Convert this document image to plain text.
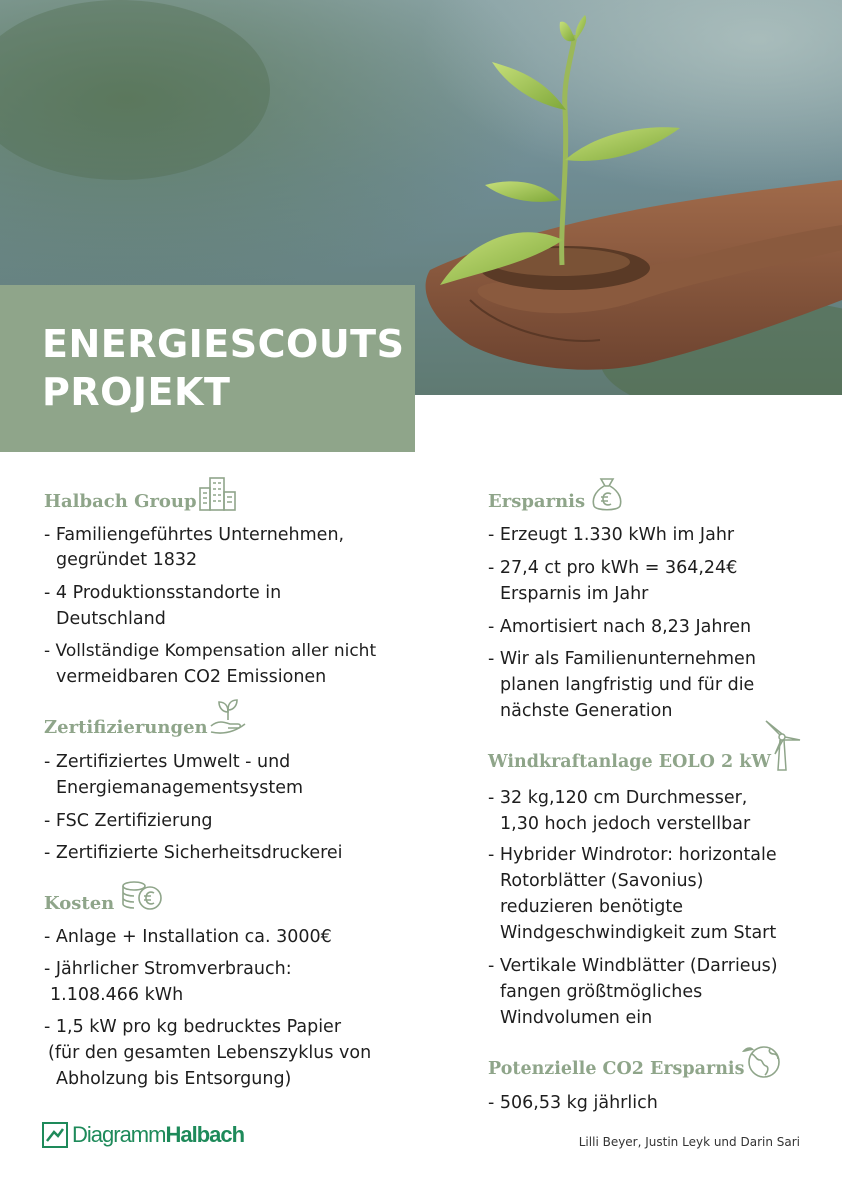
ENERGIESCOUTS
PROJEKT
Halbach Group
- Familiengeführtes Unternehmen,
gegründet 1832
- 4 Produktionsstandorte in
Deutschland
- Vollständige Kompensation aller nicht
vermeidbaren CO2 Emissionen
Zertifizierungen
- Zertifiziertes Umwelt - und
Energiemanagementsystem
- FSC Zertifizierung
- Zertifizierte Sicherheitsdruckerei
Kosten
- Anlage + Installation ca. 3000€
- Jährlicher Stromverbrauch:
1.108.466 kWh
- 1,5 kW pro kg bedrucktes Papier
(für den gesamten Lebenszyklus von
Abholzung bis Entsorgung)
Ersparnis
- Erzeugt 1.330 kWh im Jahr
- 27,4 ct pro kWh = 364,24€
Ersparnis im Jahr
- Amortisiert nach 8,23 Jahren
- Wir als Familienunternehmen
planen langfristig und für die
nächste Generation
Windkraftanlage EOLO 2 kW
- 32 kg,120 cm Durchmesser,
1,30 hoch jedoch verstellbar
- Hybrider Windrotor: horizontale
Rotorblätter (Savonius)
reduzieren benötigte
Windgeschwindigkeit zum Start
- Vertikale Windblätter (Darrieus)
fangen größtmögliches
Windvolumen ein
Potenzielle CO2 Ersparnis
- 506,53 kg jährlich
DiagrammHalbach	Lilli Beyer, Justin Leyk und Darin Sari
